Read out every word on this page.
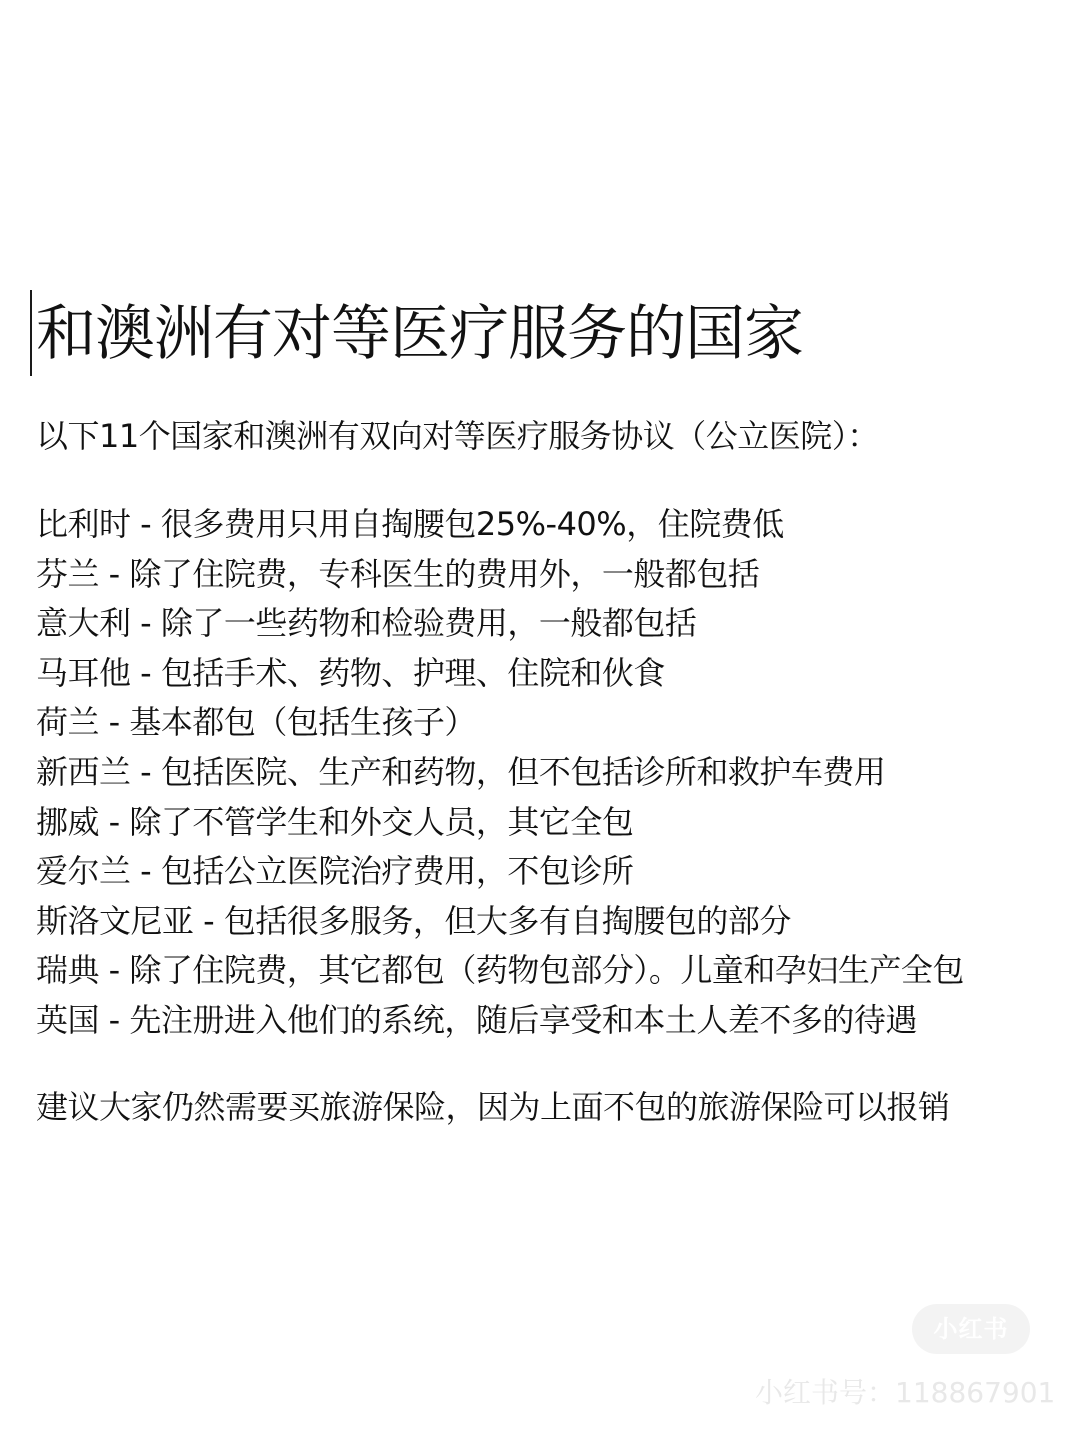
和澳洲有对等医疗服务的国家
以下11个国家和澳洲有双向对等医疗服务协议（公立医院）：
比利时 - 很多费用只用自掏腰包25%-40%，住院费低
芬兰 - 除了住院费，专科医生的费用外，一般都包括
意大利 - 除了一些药物和检验费用，一般都包括
马耳他 - 包括手术、药物、护理、住院和伙食
荷兰 - 基本都包（包括生孩子）
新西兰 - 包括医院、生产和药物，但不包括诊所和救护车费用
挪威 - 除了不管学生和外交人员，其它全包
爱尔兰 - 包括公立医院治疗费用，不包诊所
斯洛文尼亚 - 包括很多服务，但大多有自掏腰包的部分
瑞典 - 除了住院费，其它都包（药物包部分）。儿童和孕妇生产全包
英国 - 先注册进入他们的系统，随后享受和本土人差不多的待遇
建议大家仍然需要买旅游保险，因为上面不包的旅游保险可以报销
小红书
小红书号：118867901
